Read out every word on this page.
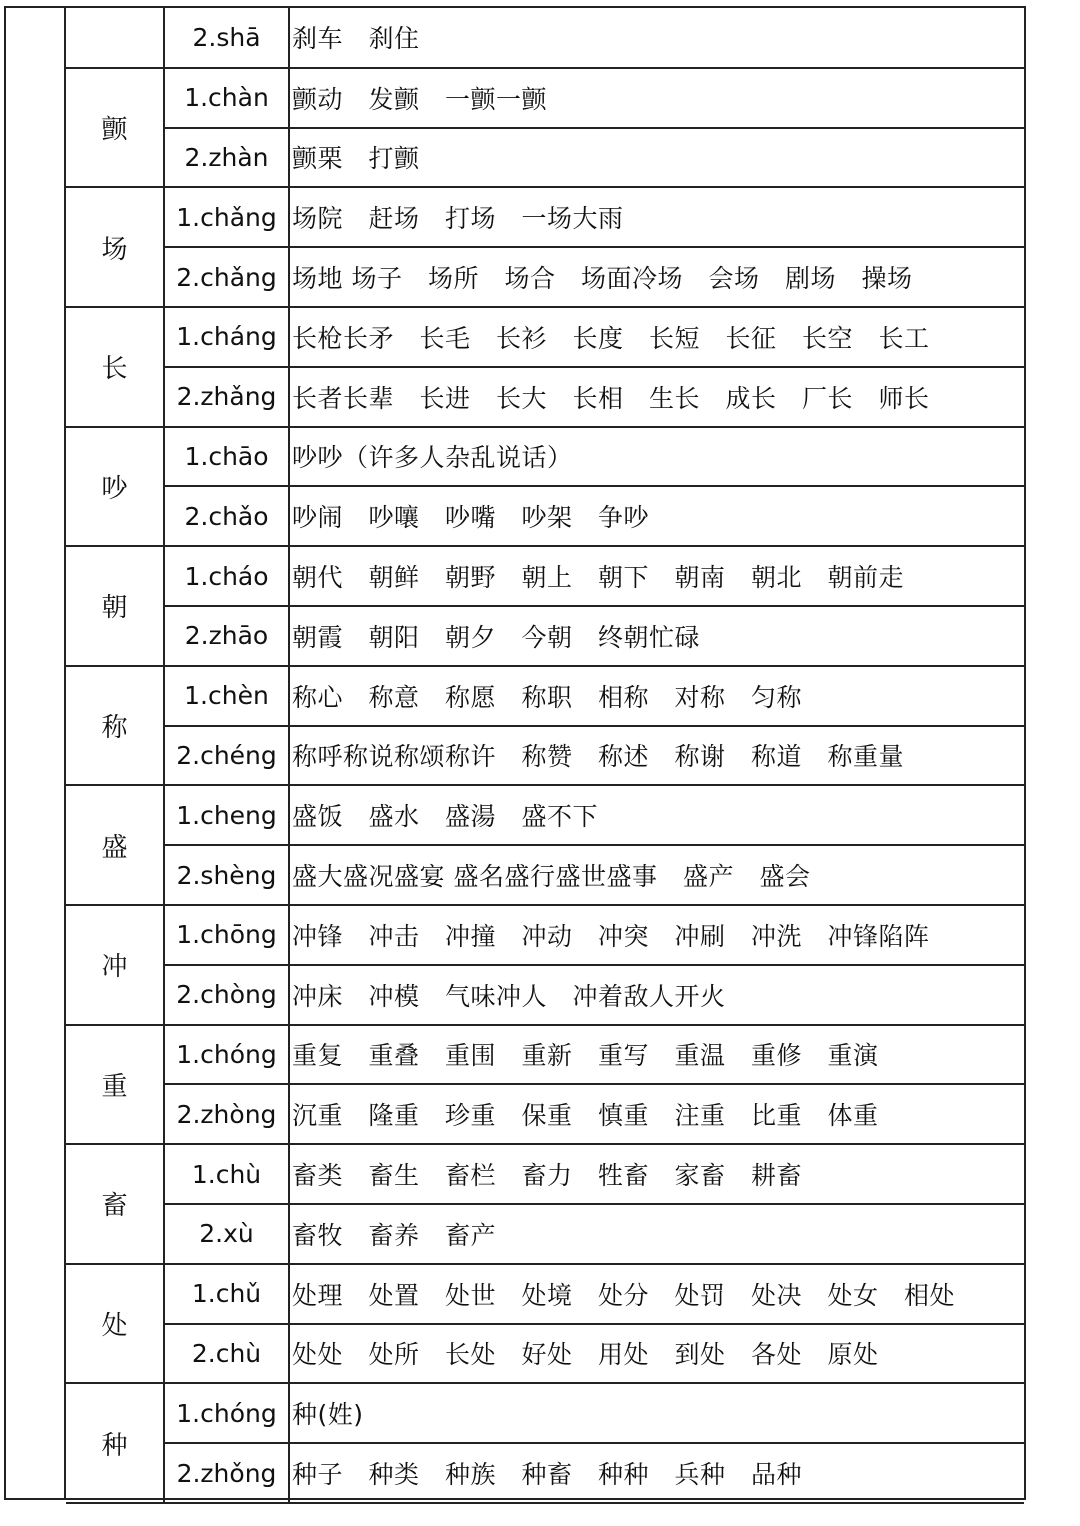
	2.shā	刹车　刹住
颤	1.chàn	颤动　发颤　一颤一颤
	2.zhàn	颤栗　打颤
场	1.chǎng	场院　赶场　打场　一场大雨
	2.chǎng	场地 场子　场所　场合　场面冷场　会场　剧场　操场
长	1.cháng	长枪长矛　长毛　长衫　长度　长短　长征　长空　长工
	2.zhǎng	长者长辈　长进　长大　长相　生长　成长　厂长　师长
吵	1.chāo	吵吵（许多人杂乱说话）
	2.chǎo	吵闹　吵嚷　吵嘴　吵架　争吵
朝	1.cháo	朝代　朝鲜　朝野　朝上　朝下　朝南　朝北　朝前走
	2.zhāo	朝霞　朝阳　朝夕　今朝　终朝忙碌
称	1.chèn	称心　称意　称愿　称职　相称　对称　匀称
	2.chéng	称呼称说称颂称许　称赞　称述　称谢　称道　称重量
盛	1.cheng	盛饭　盛水　盛湯　盛不下
	2.shèng	盛大盛况盛宴 盛名盛行盛世盛事　盛产　盛会
冲	1.chōng	冲锋　冲击　冲撞　冲动　冲突　冲刷　冲洗　冲锋陷阵
	2.chòng	冲床　冲模　气味冲人　冲着敌人开火
重	1.chóng	重复　重叠　重围　重新　重写　重温　重修　重演
	2.zhòng	沉重　隆重　珍重　保重　慎重　注重　比重　体重
畜	1.chù	畜类　畜生　畜栏　畜力　牲畜　家畜　耕畜
	2.xù	畜牧　畜养　畜产
处	1.chǔ	处理　处置　处世　处境　处分　处罚　处决　处女　相处
	2.chù	处处　处所　长处　好处　用处　到处　各处　原处
种	1.chóng	种(姓)
	2.zhǒng	种子　种类　种族　种畜　种种　兵种　品种
